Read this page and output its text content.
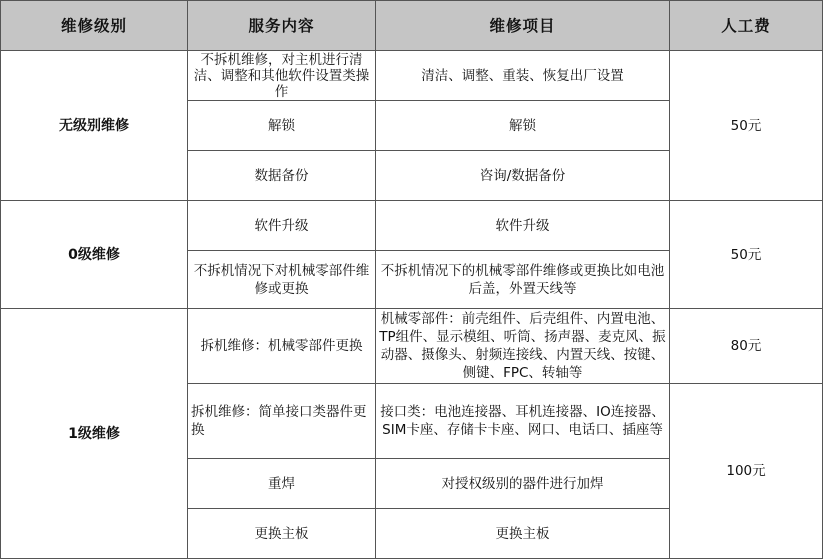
维修级别	服务内容	维修项目	人工费
无级别维修	不拆机维修，对主机进行清洁、调整和其他软件设置类操作	清洁、调整、重装、恢复出厂设置	50元
	解锁	解锁	
	数据备份	咨询/数据备份	
0级维修	软件升级	软件升级	50元
	不拆机情况下对机械零部件维修或更换	不拆机情况下的机械零部件维修或更换比如电池后盖，外置天线等	
1级维修	拆机维修：机械零部件更换	机械零部件：前壳组件、后壳组件、内置电池、TP组件、显示模组、听筒、扬声器、麦克风、振动器、摄像头、射频连接线、内置天线、按键、侧键、FPC、转轴等	80元
	拆机维修：简单接口类器件更换	接口类：电池连接器、耳机连接器、IO连接器、SIM卡座、存储卡卡座、网口、电话口、插座等	100元
	重焊	对授权级别的器件进行加焊	
	更换主板	更换主板	
